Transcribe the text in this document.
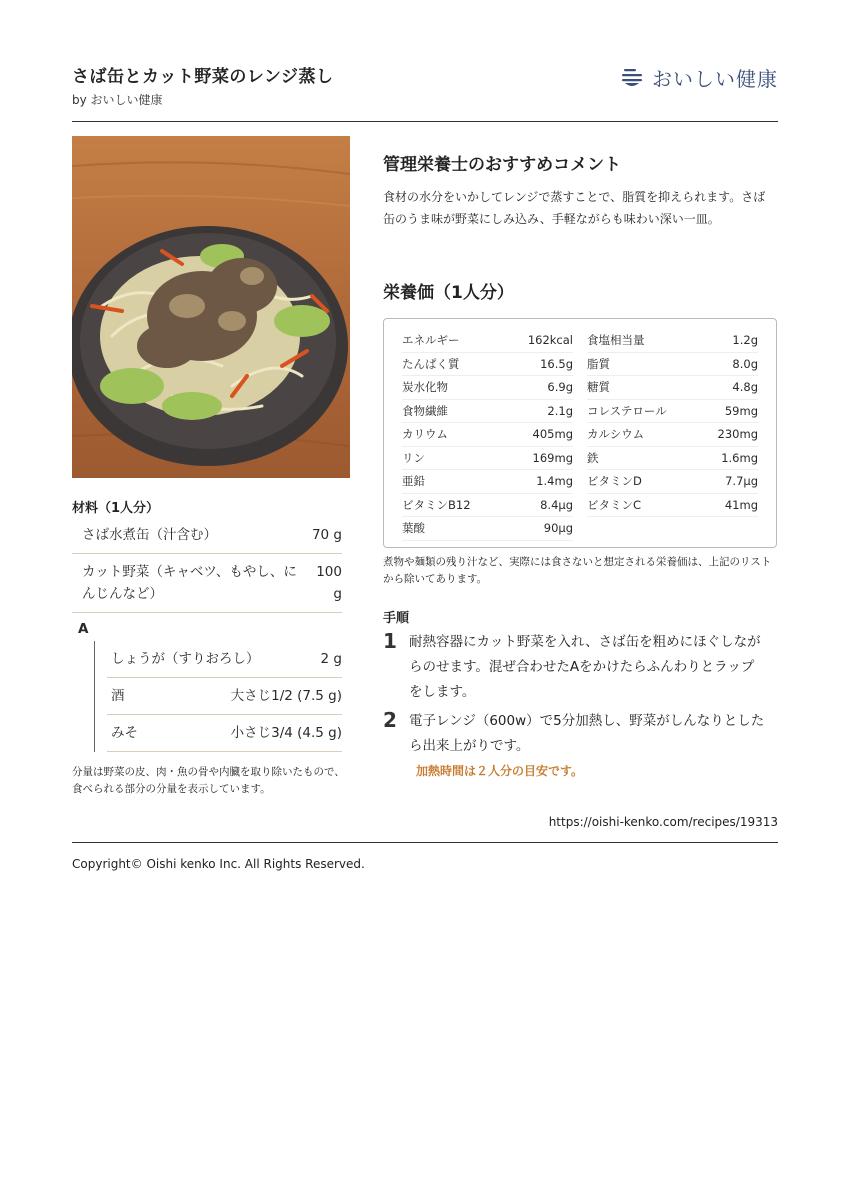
さば缶とカット野菜のレンジ蒸し
by おいしい健康
おいしい健康
材料（1人分）
さば水煮缶（汁含む）	70 g
カット野菜（キャベツ、もやし、にんじんなど）
100 g
A
しょうが（すりおろし）	2 g
酒	大さじ1/2 (7.5 g)
みそ	小さじ3/4 (4.5 g)
分量は野菜の皮、肉・魚の骨や内臓を取り除いたもので、食べられる部分の分量を表示しています。
管理栄養士のおすすめコメント
食材の水分をいかしてレンジで蒸すことで、脂質を抑えられます。さば缶のうま味が野菜にしみ込み、手軽ながらも味わい深い一皿。
栄養価（1人分）
エネルギー	162kcal 食塩相当量	1.2g
たんぱく質	16.5g 脂質	8.0g
炭水化物	6.9g 糖質	4.8g
食物繊維	2.1g コレステロール	59mg
カリウム	405mg カルシウム	230mg
リン	169mg 鉄	1.6mg
亜鉛	1.4mg ビタミンD	7.7μg
ビタミンB12	8.4μg ビタミンC	41mg
葉酸	90μg
煮物や麺類の残り汁など、実際には食さないと想定される栄養価は、上記のリストから除いてあります。
手順
1 耐熱容器にカット野菜を入れ、さば缶を粗めにほぐしながらのせます。混ぜ合わせたAをかけたらふんわりとラップをします。
2 電子レンジ（600w）で5分加熱し、野菜がしんなりとしたら出来上がりです。
加熱時間は２人分の目安です。
https://oishi-kenko.com/recipes/19313
Copyright© Oishi kenko Inc. All Rights Reserved.
